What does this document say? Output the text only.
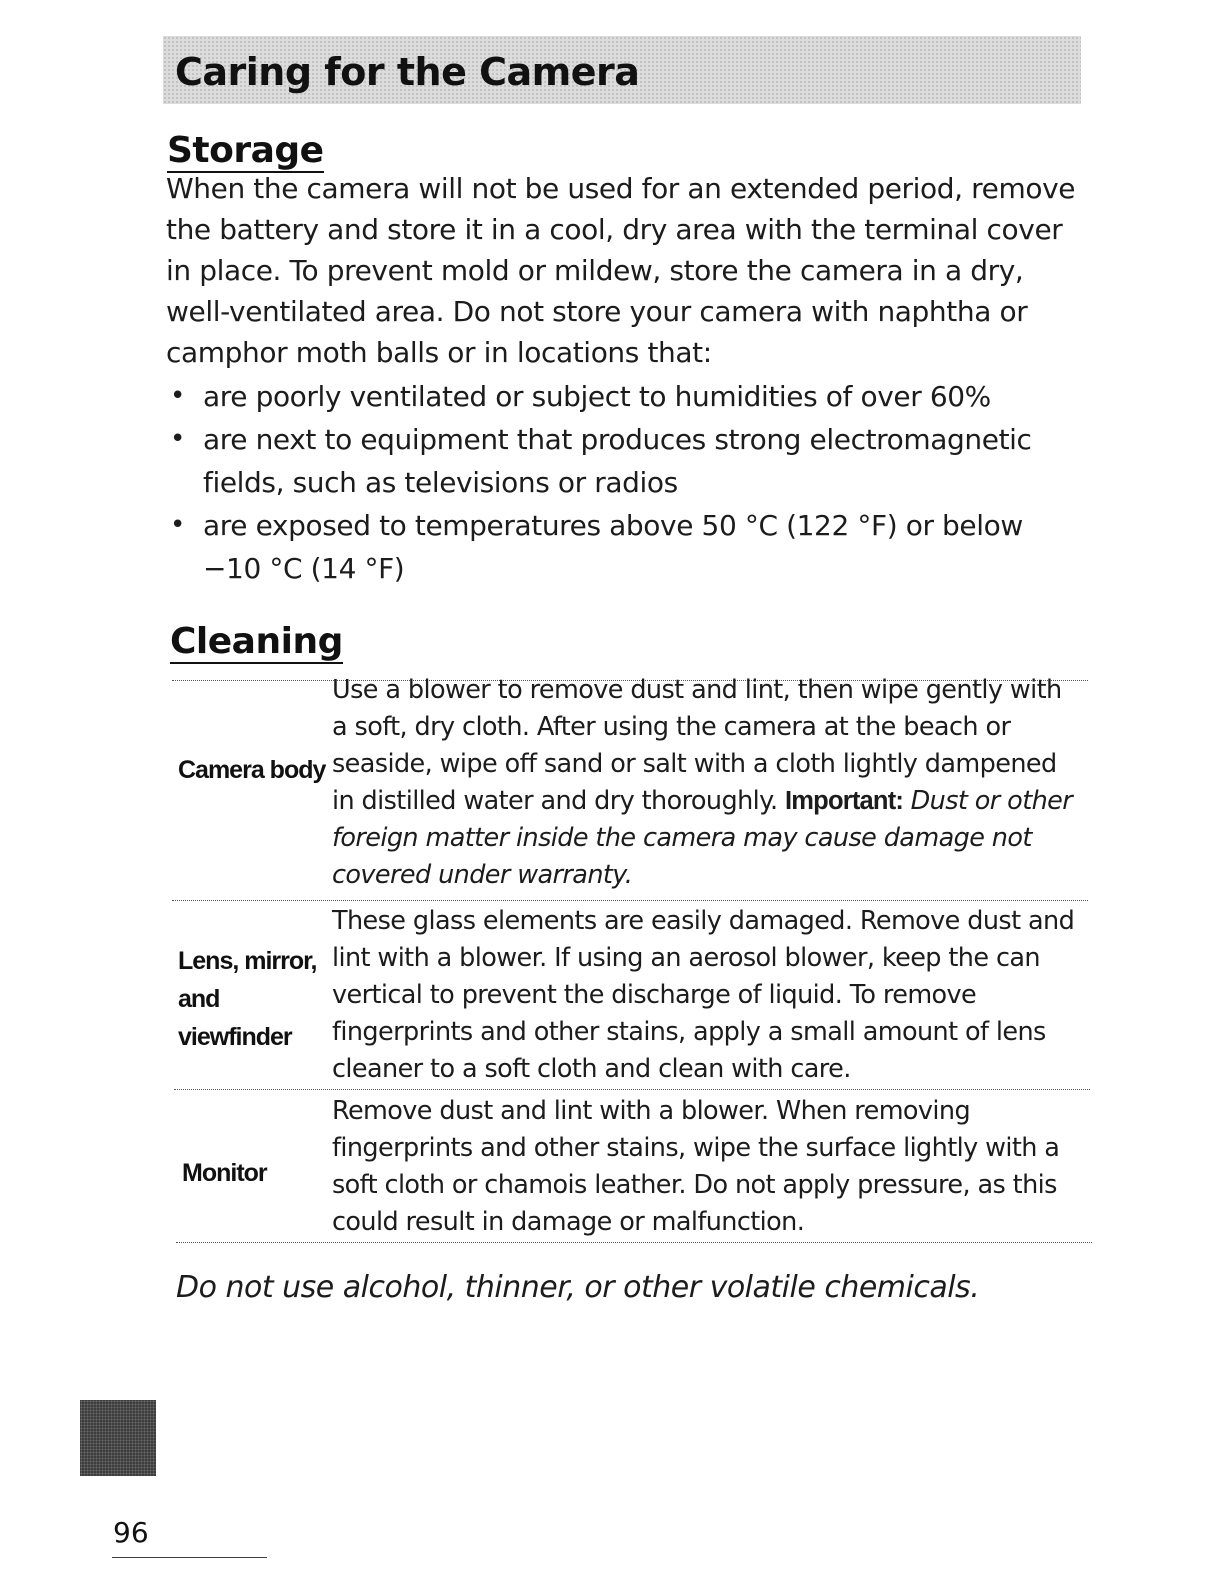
Caring for the Camera
Storage

When the camera will not be used for an extended period, remove the battery and store it in a cool, dry area with the terminal cover in place. To prevent mold or mildew, store the camera in a dry, well-ventilated area. Do not store your camera with naphtha or camphor moth balls or in locations that:

• are poorly ventilated or subject to humidities of over 60%
• are next to equipment that produces strong electromagnetic fields, such as televisions or radios
• are exposed to temperatures above 50 °C (122 °F) or below −10 °C (14 °F)
Cleaning

Camera body

Use a blower to remove dust and lint, then wipe gently with a soft, dry cloth. After using the camera at the beach or seaside, wipe off sand or salt with a cloth lightly dampened in distilled water and dry thoroughly. Important: Dust or other foreign matter inside the camera may cause damage not covered under warranty.

Lens, mirror, and viewfinder

These glass elements are easily damaged. Remove dust and lint with a blower. If using an aerosol blower, keep the can vertical to prevent the discharge of liquid. To remove fingerprints and other stains, apply a small amount of lens cleaner to a soft cloth and clean with care.

Monitor

Remove dust and lint with a blower. When removing fingerprints and other stains, wipe the surface lightly with a soft cloth or chamois leather. Do not apply pressure, as this could result in damage or malfunction.

Do not use alcohol, thinner, or other volatile chemicals.

96
